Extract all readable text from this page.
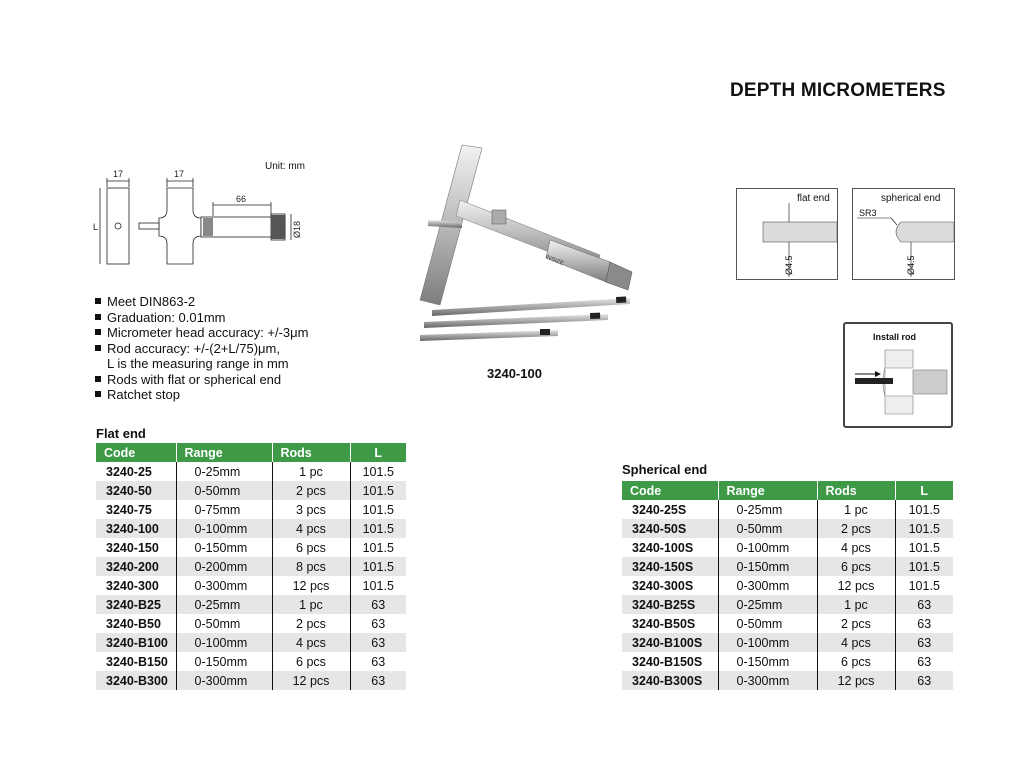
DEPTH MICROMETERS
Unit: mm
17	17
66
Ø18
L
INSIZE
3240-100
Meet DIN863-2
Graduation: 0.01mm
Micrometer head accuracy: +/-3μm
Rod accuracy: +/-(2+L/75)μm,
L is the measuring range in mm
Rods with flat or spherical end
Ratchet stop
flat end
Ø4.5
spherical end
SR3
Ø4.5
Install rod
Flat end
Code	Range	Rods	L
3240-25	0-25mm	1 pc	101.5
3240-50	0-50mm	2 pcs	101.5
3240-75	0-75mm	3 pcs	101.5
3240-100	0-100mm	4 pcs	101.5
3240-150	0-150mm	6 pcs	101.5
3240-200	0-200mm	8 pcs	101.5
3240-300	0-300mm	12 pcs	101.5
3240-B25	0-25mm	1 pc	63
3240-B50	0-50mm	2 pcs	63
3240-B100	0-100mm	4 pcs	63
3240-B150	0-150mm	6 pcs	63
3240-B300	0-300mm	12 pcs	63
Spherical end
Code	Range	Rods	L
3240-25S	0-25mm	1 pc	101.5
3240-50S	0-50mm	2 pcs	101.5
3240-100S	0-100mm	4 pcs	101.5
3240-150S	0-150mm	6 pcs	101.5
3240-300S	0-300mm	12 pcs	101.5
3240-B25S	0-25mm	1 pc	63
3240-B50S	0-50mm	2 pcs	63
3240-B100S	0-100mm	4 pcs	63
3240-B150S	0-150mm	6 pcs	63
3240-B300S	0-300mm	12 pcs	63
